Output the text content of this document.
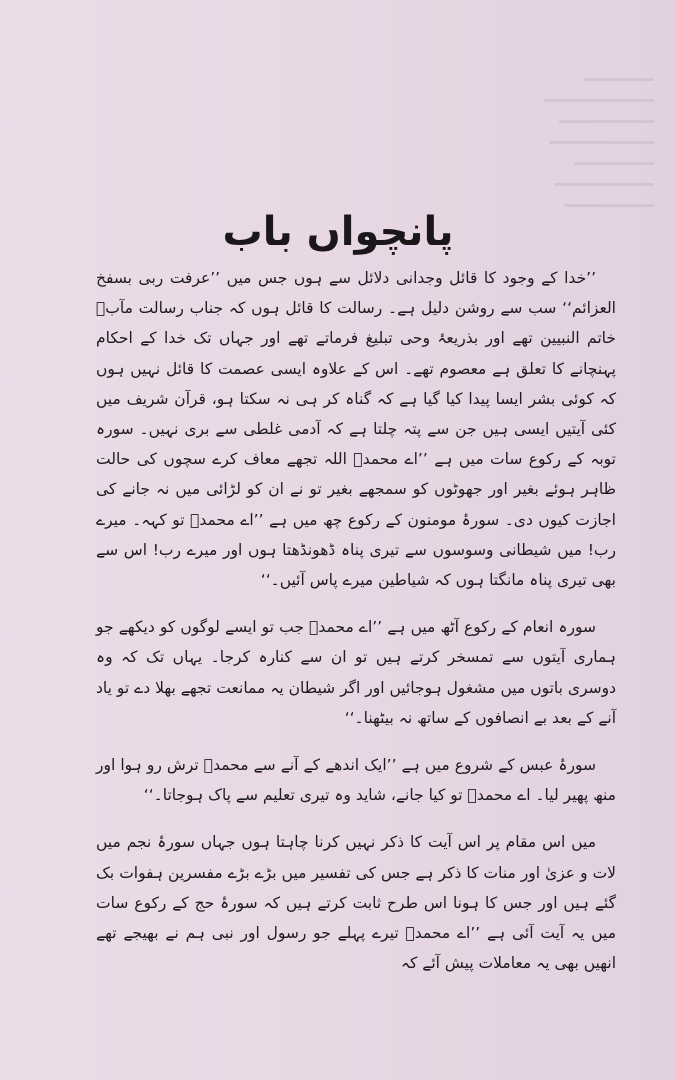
پانچواں باب

’’خدا کے وجود کا قائل وجدانی دلائل سے ہوں جس میں ’’عرفت ربی بسفخ العزائم‘‘ سب سے روشن دلیل ہے۔ رسالت کا قائل ہوں کہ جناب رسالت مآبؐ خاتم النبیین تھے اور بذریعۂ وحی تبلیغ فرماتے تھے اور جہاں تک خدا کے احکام پہنچانے کا تعلق ہے معصوم تھے۔ اس کے علاوہ ایسی عصمت کا قائل نہیں ہوں کہ کوئی بشر ایسا پیدا کیا گیا ہے کہ گناہ کر ہی نہ سکتا ہو، قرآن شریف میں کئی آیتیں ایسی ہیں جن سے پتہ چلتا ہے کہ آدمی غلطی سے بری نہیں۔ سورہ توبہ کے رکوع سات میں ہے ’’اے محمدؐ اللہ تجھے معاف کرے سچوں کی حالت ظاہر ہوئے بغیر اور جھوٹوں کو سمجھے بغیر تو نے ان کو لڑائی میں نہ جانے کی اجازت کیوں دی۔ سورۂ مومنون کے رکوع چھ میں ہے ’’اے محمدؐ تو کہہ۔ میرے رب! میں شیطانی وسوسوں سے تیری پناہ ڈھونڈھتا ہوں اور میرے رب! اس سے بھی تیری پناہ مانگتا ہوں کہ شیاطین میرے پاس آئیں۔‘‘

سورہ انعام کے رکوع آٹھ میں ہے ’’اے محمدؐ جب تو ایسے لوگوں کو دیکھے جو ہماری آیتوں سے تمسخر کرتے ہیں تو ان سے کنارہ کرجا۔ یہاں تک کہ وہ دوسری باتوں میں مشغول ہوجائیں اور اگر شیطان یہ ممانعت تجھے بھلا دے تو یاد آنے کے بعد بے انصافوں کے ساتھ نہ بیٹھنا۔‘‘

سورۂ عبس کے شروع میں ہے ’’ایک اندھے کے آنے سے محمدؐ ترش رو ہوا اور منھ پھیر لیا۔ اے محمدؐ تو کیا جانے، شاید وہ تیری تعلیم سے پاک ہوجاتا۔‘‘

میں اس مقام پر اس آیت کا ذکر نہیں کرنا چاہتا ہوں جہاں سورۂ نجم میں لات و عزیٰ اور منات کا ذکر ہے جس کی تفسیر میں بڑے بڑے مفسرین ہفوات بک گئے ہیں اور جس کا ہونا اس طرح ثابت کرتے ہیں کہ سورۂ حج کے رکوع سات میں یہ آیت آئی ہے ’’اے محمدؐ تیرے پہلے جو رسول اور نبی ہم نے بھیجے تھے انھیں بھی یہ معاملات پیش آئے کہ
